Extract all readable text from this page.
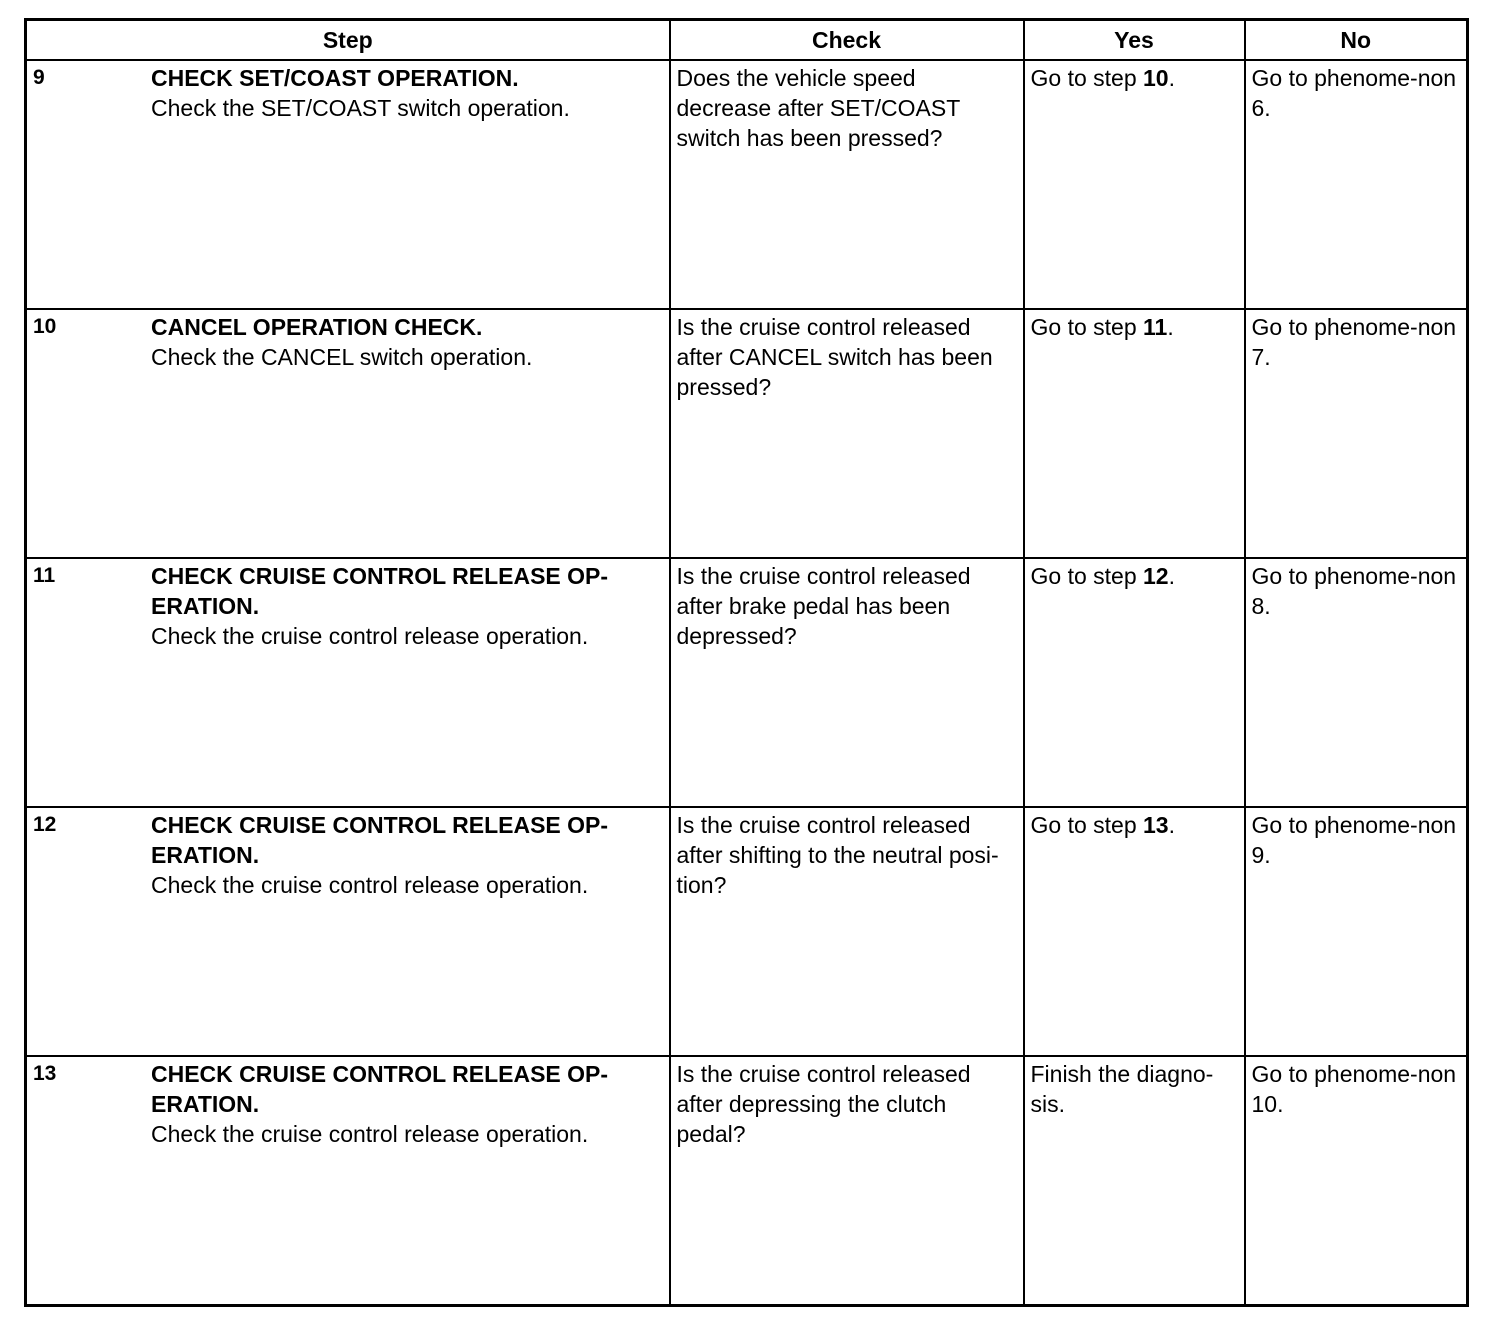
Step	Check	Yes	No

9 CHECK SET/COAST OPERATION.
Check the SET/COAST switch operation.	Does the vehicle speed decrease after SET/COAST switch has been pressed?	Go to step 10.	Go to phenome-non 6.

10 CANCEL OPERATION CHECK.
Check the CANCEL switch operation.	Is the cruise control released after CANCEL switch has been pressed?	Go to step 11.	Go to phenome-non 7.

11 CHECK CRUISE CONTROL RELEASE OP-ERATION.
Check the cruise control release operation.	Is the cruise control released after brake pedal has been depressed?	Go to step 12.	Go to phenome-non 8.

12 CHECK CRUISE CONTROL RELEASE OP-ERATION.
Check the cruise control release operation.	Is the cruise control released after shifting to the neutral posi-tion?	Go to step 13.	Go to phenome-non 9.

13 CHECK CRUISE CONTROL RELEASE OP-ERATION.
Check the cruise control release operation.	Is the cruise control released after depressing the clutch pedal?	Finish the diagno-sis.	Go to phenome-non 10.
